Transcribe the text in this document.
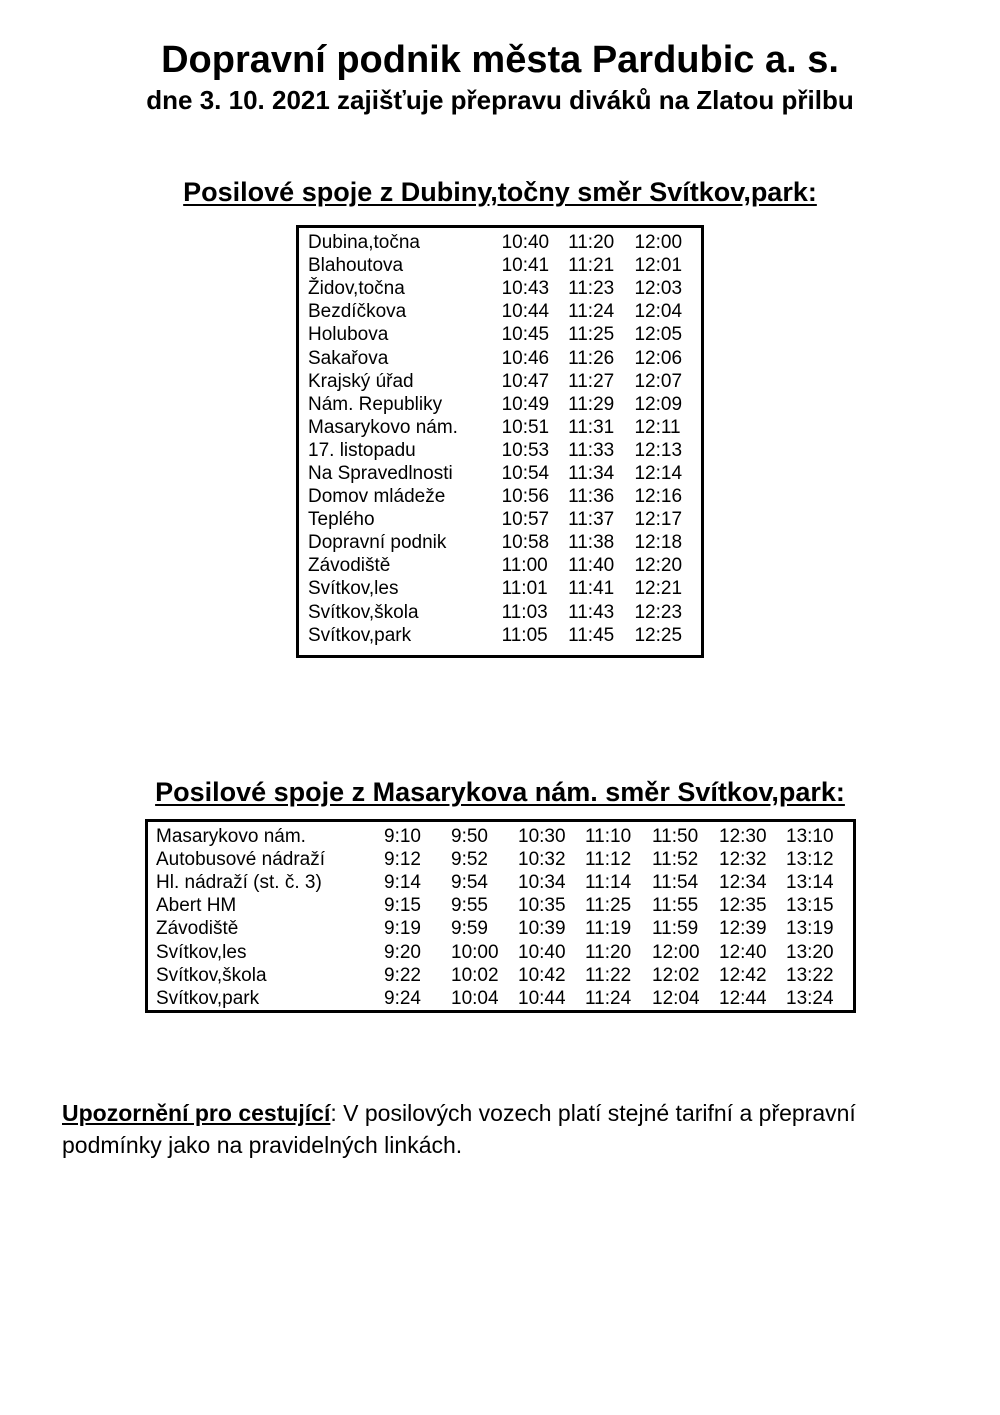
Dopravní podnik města Pardubic a. s.
dne 3. 10. 2021 zajišťuje přepravu diváků na Zlatou přilbu
Posilové spoje z Dubiny,točny směr Svítkov,park:
Dubina,točna	10:40	11:20	12:00
Blahoutova	10:41	11:21	12:01
Židov,točna	10:43	11:23	12:03
Bezdíčkova	10:44	11:24	12:04
Holubova	10:45	11:25	12:05
Sakařova	10:46	11:26	12:06
Krajský úřad	10:47	11:27	12:07
Nám. Republiky	10:49	11:29	12:09
Masarykovo nám.	10:51	11:31	12:11
17. listopadu	10:53	11:33	12:13
Na Spravedlnosti	10:54	11:34	12:14
Domov mládeže	10:56	11:36	12:16
Teplého	10:57	11:37	12:17
Dopravní podnik	10:58	11:38	12:18
Závodiště	11:00	11:40	12:20
Svítkov,les	11:01	11:41	12:21
Svítkov,škola	11:03	11:43	12:23
Svítkov,park	11:05	11:45	12:25
Posilové spoje z Masarykova nám. směr Svítkov,park:
Masarykovo nám.	9:10	9:50	10:30	11:10	11:50	12:30	13:10
Autobusové nádraží	9:12	9:52	10:32	11:12	11:52	12:32	13:12
Hl. nádraží (st. č. 3)	9:14	9:54	10:34	11:14	11:54	12:34	13:14
Abert HM	9:15	9:55	10:35	11:25	11:55	12:35	13:15
Závodiště	9:19	9:59	10:39	11:19	11:59	12:39	13:19
Svítkov,les	9:20	10:00	10:40	11:20	12:00	12:40	13:20
Svítkov,škola	9:22	10:02	10:42	11:22	12:02	12:42	13:22
Svítkov,park	9:24	10:04	10:44	11:24	12:04	12:44	13:24
Upozornění pro cestující: V posilových vozech platí stejné tarifní a přepravní podmínky jako na pravidelných linkách.
